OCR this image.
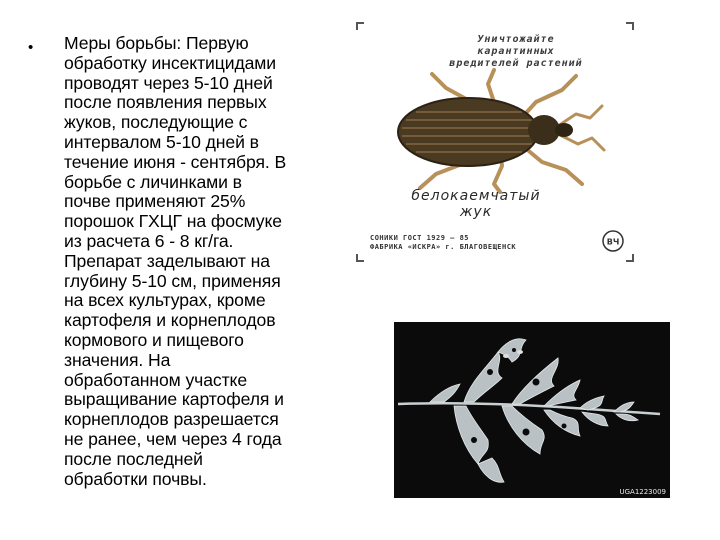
• Меры борьбы: Первую
обработку инсектицидами
проводят через 5-10 дней
после появления первых
жуков, последующие с
интервалом 5-10 дней в
течение июня - сентября. В
борьбе с личинками в
почве применяют 25%
порошок ГХЦГ на фосмуке
из расчета 6 - 8 кг/га.
Препарат заделывают на
глубину 5-10 см, применяя
на всех культурах, кроме
картофеля и корнеплодов
кормового и пищевого
значения. На
обработанном участке
выращивание картофеля и
корнеплодов разрешается
не ранее, чем через 4 года
после последней
обработки почвы.

Уничтожайте
карантинных
вредителей растений
белокаемчатый
жук
СОНИКИ ГОСТ 1929 — 85
ФАБРИКА «ИСКРА» г. БЛАГОВЕЩЕНСК
ВЧ
UGA1223009
